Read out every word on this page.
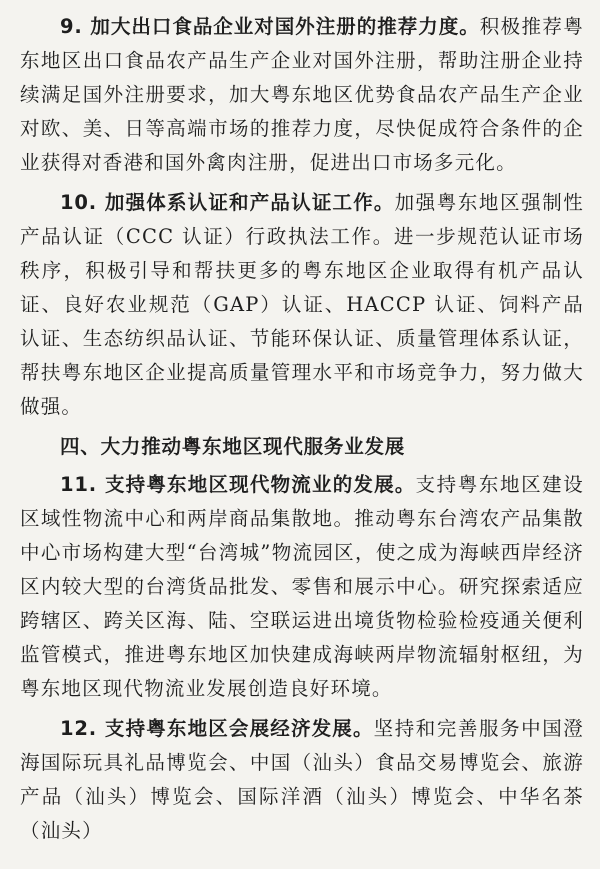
9. 加大出口食品企业对国外注册的推荐力度。积极推荐粤东地区出口食品农产品生产企业对国外注册，帮助注册企业持续满足国外注册要求，加大粤东地区优势食品农产品生产企业对欧、美、日等高端市场的推荐力度，尽快促成符合条件的企业获得对香港和国外禽肉注册，促进出口市场多元化。

10. 加强体系认证和产品认证工作。加强粤东地区强制性产品认证（CCC 认证）行政执法工作。进一步规范认证市场秩序，积极引导和帮扶更多的粤东地区企业取得有机产品认证、良好农业规范（GAP）认证、HACCP 认证、饲料产品认证、生态纺织品认证、节能环保认证、质量管理体系认证，帮扶粤东地区企业提高质量管理水平和市场竞争力，努力做大做强。

四、大力推动粤东地区现代服务业发展

11. 支持粤东地区现代物流业的发展。支持粤东地区建设区域性物流中心和两岸商品集散地。推动粤东台湾农产品集散中心市场构建大型“台湾城”物流园区，使之成为海峡西岸经济区内较大型的台湾货品批发、零售和展示中心。研究探索适应跨辖区、跨关区海、陆、空联运进出境货物检验检疫通关便利监管模式，推进粤东地区加快建成海峡两岸物流辐射枢纽，为粤东地区现代物流业发展创造良好环境。

12. 支持粤东地区会展经济发展。坚持和完善服务中国澄海国际玩具礼品博览会、中国（汕头）食品交易博览会、旅游产品（汕头）博览会、国际洋酒（汕头）博览会、中华名茶（汕头）
